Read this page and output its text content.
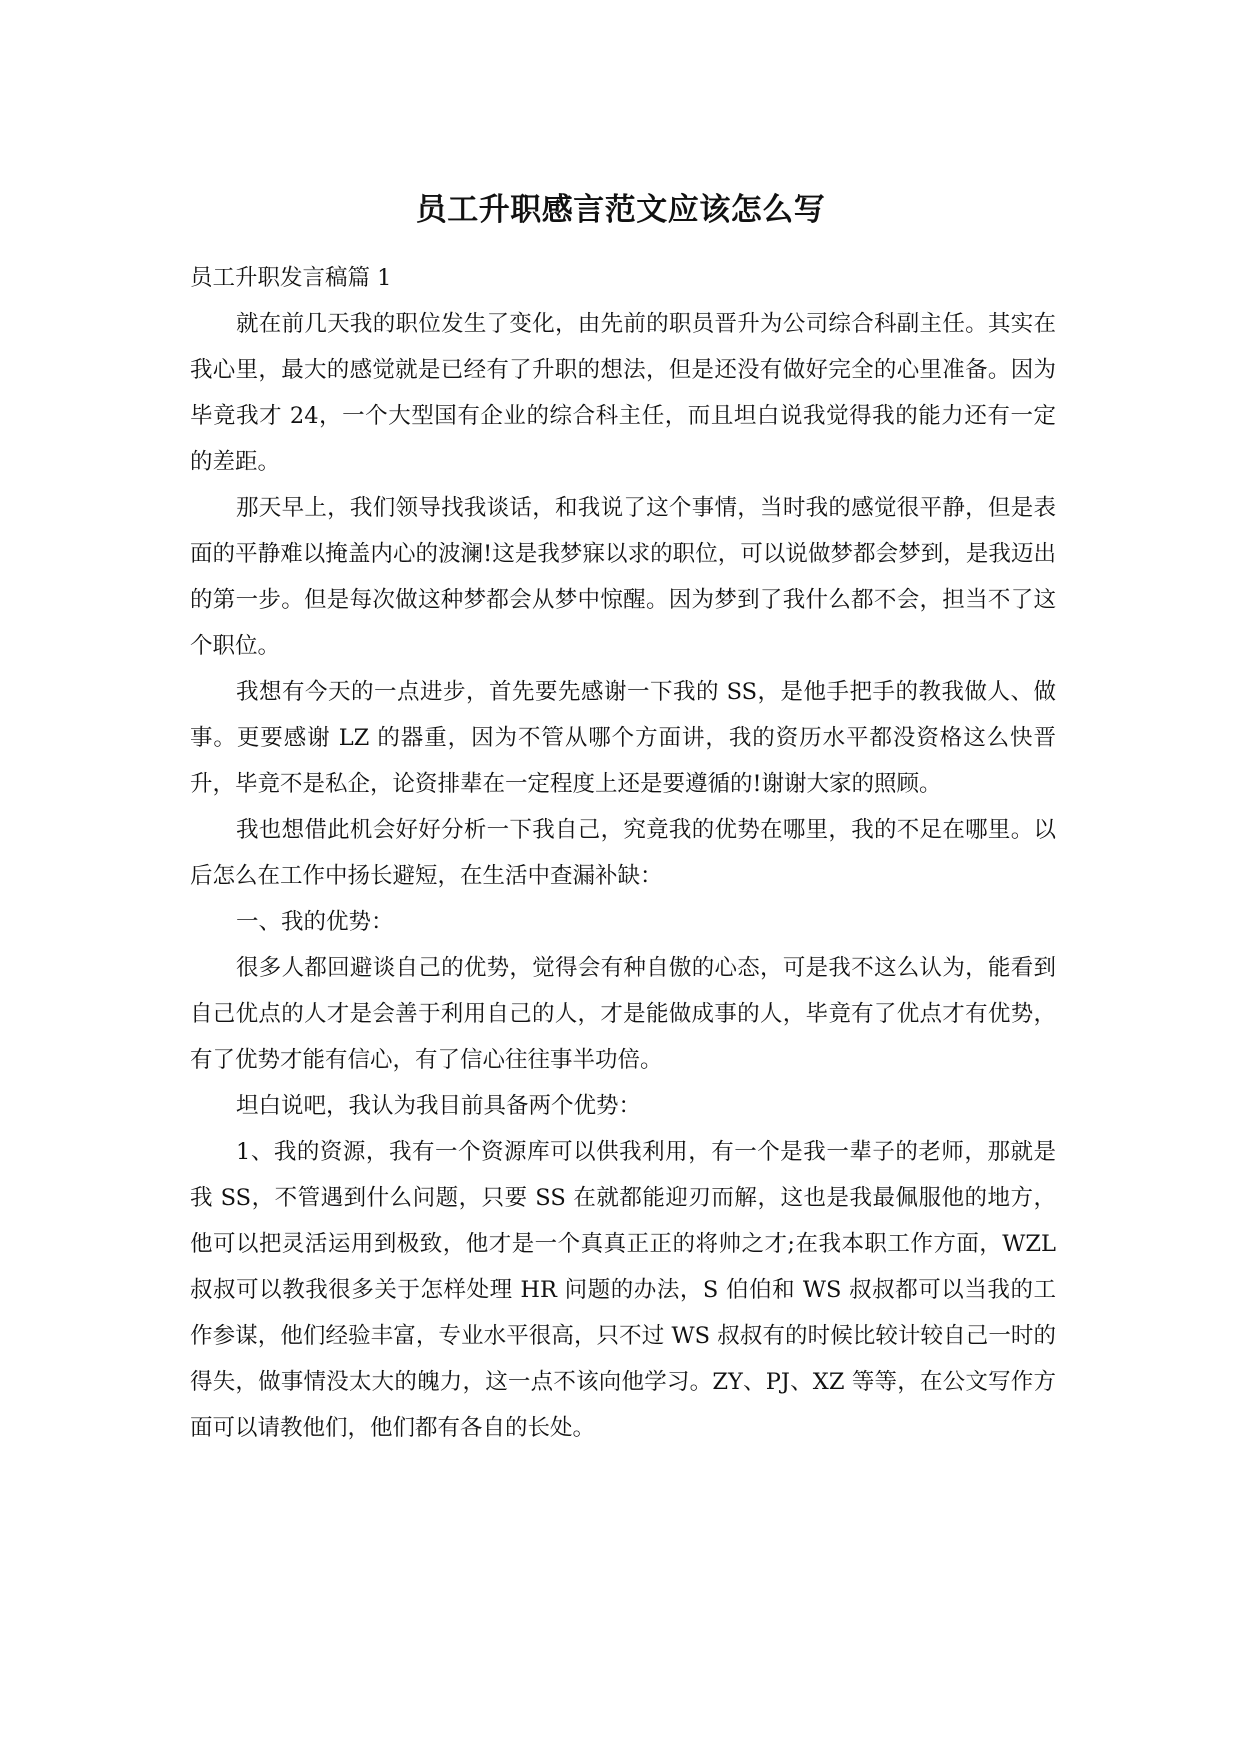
员工升职感言范文应该怎么写

员工升职发言稿篇 1

就在前几天我的职位发生了变化，由先前的职员晋升为公司综合科副主任。其实在我心里，最大的感觉就是已经有了升职的想法，但是还没有做好完全的心里准备。因为毕竟我才 24，一个大型国有企业的综合科主任，而且坦白说我觉得我的能力还有一定的差距。

那天早上，我们领导找我谈话，和我说了这个事情，当时我的感觉很平静，但是表面的平静难以掩盖内心的波澜!这是我梦寐以求的职位，可以说做梦都会梦到，是我迈出的第一步。但是每次做这种梦都会从梦中惊醒。因为梦到了我什么都不会，担当不了这个职位。

我想有今天的一点进步，首先要先感谢一下我的 SS，是他手把手的教我做人、做事。更要感谢 LZ 的器重，因为不管从哪个方面讲，我的资历水平都没资格这么快晋升，毕竟不是私企，论资排辈在一定程度上还是要遵循的!谢谢大家的照顾。

我也想借此机会好好分析一下我自己，究竟我的优势在哪里，我的不足在哪里。以后怎么在工作中扬长避短，在生活中查漏补缺：

一、我的优势：

很多人都回避谈自己的优势，觉得会有种自傲的心态，可是我不这么认为，能看到自己优点的人才是会善于利用自己的人，才是能做成事的人，毕竟有了优点才有优势，有了优势才能有信心，有了信心往往事半功倍。

坦白说吧，我认为我目前具备两个优势：

1、我的资源，我有一个资源库可以供我利用，有一个是我一辈子的老师，那就是我 SS，不管遇到什么问题，只要 SS 在就都能迎刃而解，这也是我最佩服他的地方，他可以把灵活运用到极致，他才是一个真真正正的将帅之才;在我本职工作方面，WZL 叔叔可以教我很多关于怎样处理 HR 问题的办法，S 伯伯和 WS 叔叔都可以当我的工作参谋，他们经验丰富，专业水平很高，只不过 WS 叔叔有的时候比较计较自己一时的得失，做事情没太大的魄力，这一点不该向他学习。ZY、PJ、XZ 等等，在公文写作方面可以请教他们，他们都有各自的长处。
